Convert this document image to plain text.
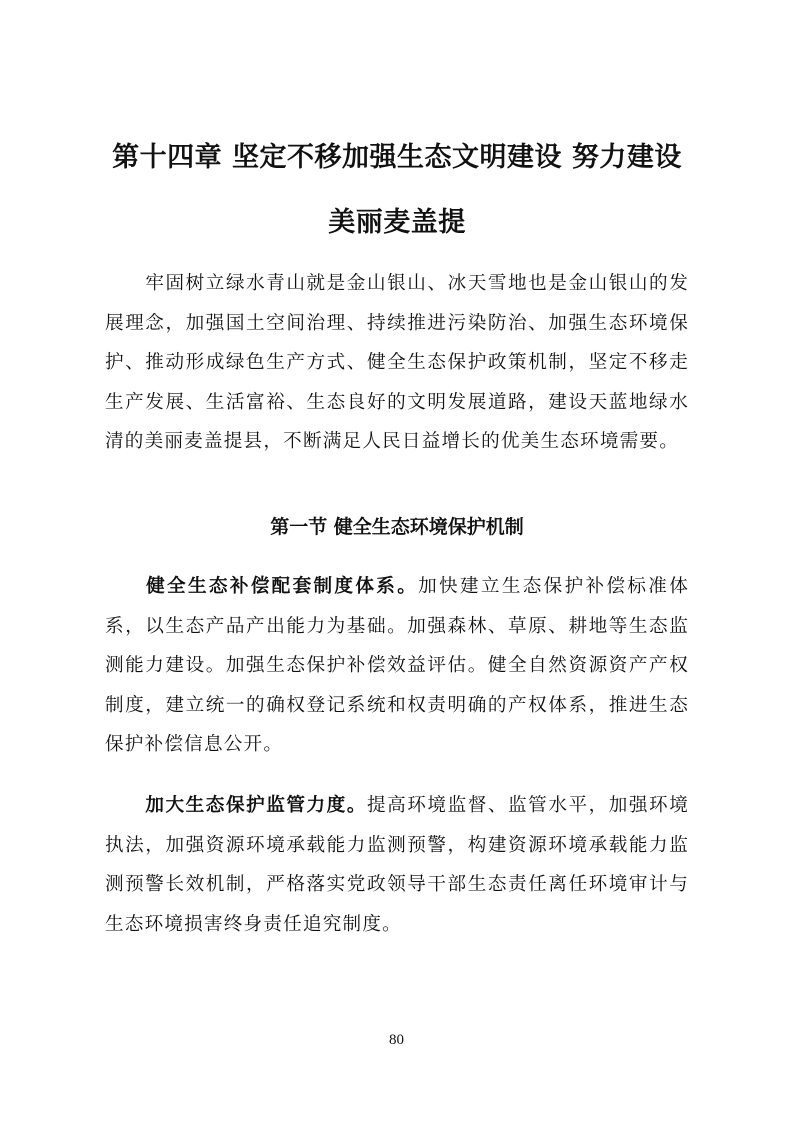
第十四章 坚定不移加强生态文明建设 努力建设
美丽麦盖提
牢固树立绿水青山就是金山银山、冰天雪地也是金山银山的发展理念，加强国土空间治理、持续推进污染防治、加强生态环境保护、推动形成绿色生产方式、健全生态保护政策机制，坚定不移走生产发展、生活富裕、生态良好的文明发展道路，建设天蓝地绿水清的美丽麦盖提县，不断满足人民日益增长的优美生态环境需要。
第一节 健全生态环境保护机制
健全生态补偿配套制度体系。加快建立生态保护补偿标准体系，以生态产品产出能力为基础。加强森林、草原、耕地等生态监测能力建设。加强生态保护补偿效益评估。健全自然资源资产产权制度，建立统一的确权登记系统和权责明确的产权体系，推进生态保护补偿信息公开。
加大生态保护监管力度。提高环境监督、监管水平，加强环境执法，加强资源环境承载能力监测预警，构建资源环境承载能力监测预警长效机制，严格落实党政领导干部生态责任离任环境审计与生态环境损害终身责任追究制度。
80
